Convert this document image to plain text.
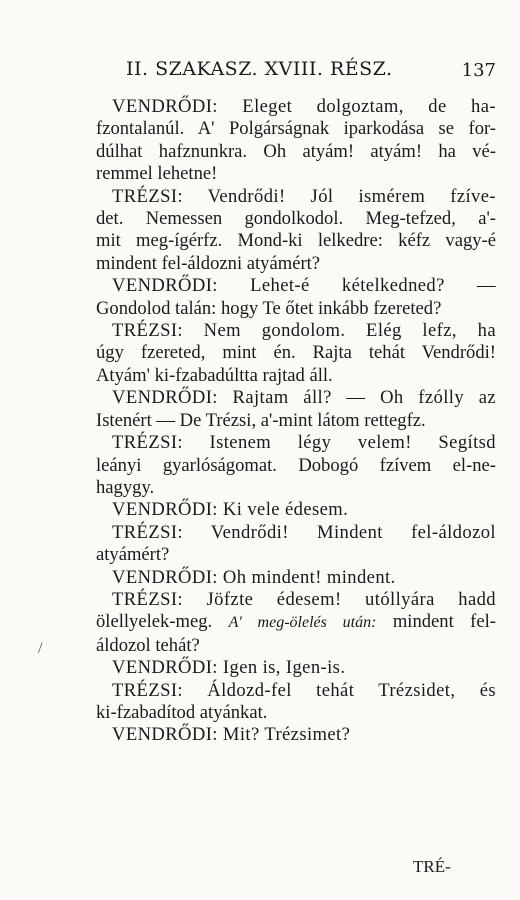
II. SZAKASZ. XVIII. RÉSZ.	137

VENDRŐDI: Eleget dolgoztam, de ha-
fzontalanúl. A' Polgárságnak iparkodása se for-
dúlhat hafznunkra. Oh atyám! atyám! ha vé-
remmel lehetne!

TRÉZSI: Vendrődi! Jól ismérem fzíve-
det. Nemessen gondolkodol. Meg-tefzed, a'-
mit meg-ígérfz. Mond-ki lelkedre: kéfz vagy-é
mindent fel-áldozni atyámért?

VENDRŐDI: Lehet-é kételkedned? —
Gondolod talán: hogy Te őtet inkább fzereted?

TRÉZSI: Nem gondolom. Elég lefz, ha
úgy fzereted, mint én. Rajta tehát Vendrődi!
Atyám' ki-fzabadúltta rajtad áll.

VENDRŐDI: Rajtam áll? — Oh fzólly az
Istenért — De Trézsi, a'-mint látom rettegfz.

TRÉZSI: Istenem légy velem! Segítsd
leányi gyarlóságomat. Dobogó fzívem el-ne-
hagygy.

VENDRŐDI: Ki vele édesem.

TRÉZSI: Vendrődi! Mindent fel-áldozol
atyámért?

VENDRŐDI: Oh mindent! mindent.

TRÉZSI: Jöfzte édesem! utóllyára hadd
ölellyelek-meg. A' meg-ölelés után: mindent fel-
áldozol tehát?

VENDRŐDI: Igen is, Igen-is.

TRÉZSI: Áldozd-fel tehát Trézsidet, és
ki-fzabadítod atyánkat.

VENDRŐDI: Mit? Trézsimet?

TRÉ-
/
